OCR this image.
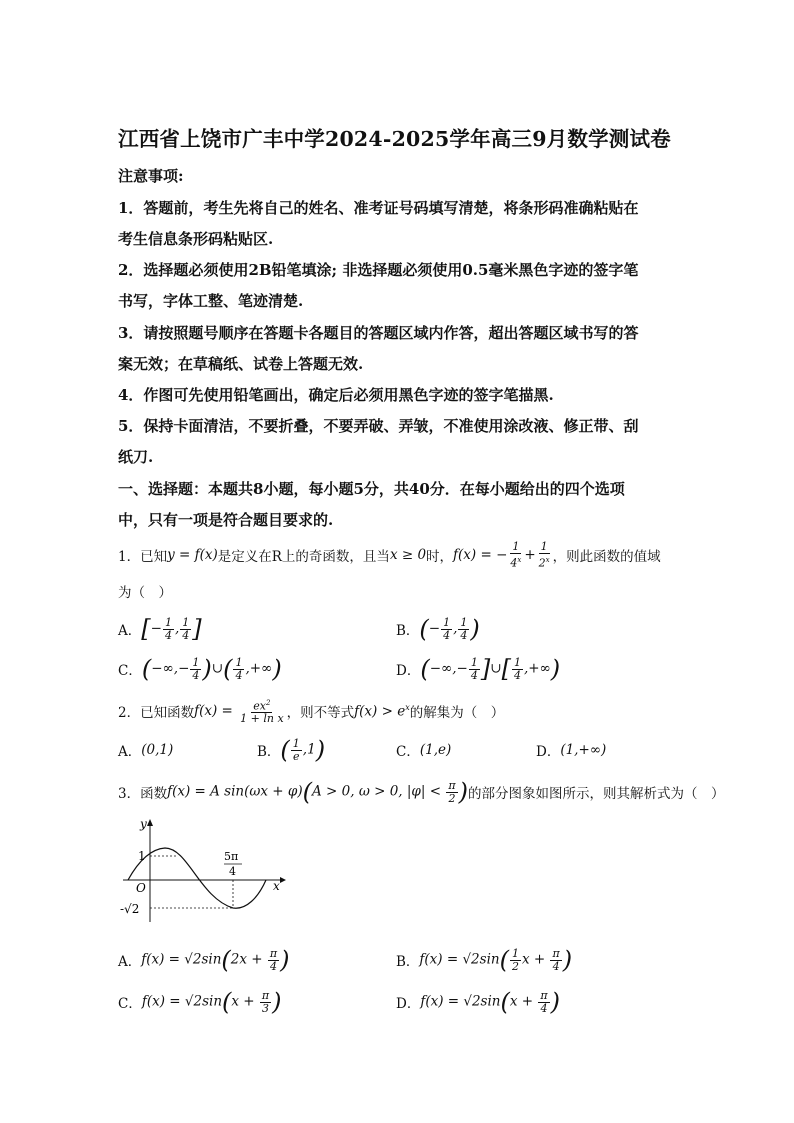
江西省上饶市广丰中学2024-2025学年高三9月数学测试卷
注意事项:
1．答题前，考生先将自己的姓名、准考证号码填写清楚，将条形码准确粘贴在
考生信息条形码粘贴区.
2．选择题必须使用2B铅笔填涂; 非选择题必须使用0.5毫米黑色字迹的签字笔
书写，字体工整、笔迹清楚.
3．请按照题号顺序在答题卡各题目的答题区域内作答，超出答题区域书写的答
案无效；在草稿纸、试卷上答题无效.
4．作图可先使用铅笔画出，确定后必须用黑色字迹的签字笔描黑.
5．保持卡面清洁，不要折叠，不要弄破、弄皱，不准使用涂改液、修正带、刮
纸刀.
一、选择题：本题共8小题，每小题5分，共40分．在每小题给出的四个选项
中，只有一项是符合题目要求的.
1．已知 y = f(x) 是定义在R上的奇函数，且当 x ≥ 0 时， f(x) = − $\frac{1}{4^x} + \frac{1}{2^x}$ ，则此函数的值域
为（　）
A． [− $\frac{1}{4}$ , $\frac{1}{4}$ ]	B． (− $\frac{1}{4}$ , $\frac{1}{4}$ )
C． (−∞,− $\frac{1}{4}$ )∪( $\frac{1}{4}$ ,+∞)	D． (−∞,− $\frac{1}{4}$ ]∪[ $\frac{1}{4}$ ,+∞)
2．已知函数 $f(x) = \frac{ex^2}{\text{1 + ln x}}$ ，则不等式 $f(x) > e^x$ 的解集为（　）
A． (0,1)	B． ( $\frac{1}{e} ,1$)	C． (1,e)	D． (1,+∞)
3．函数 f(x) = A sin(ωx + φ)(A > 0, ω > 0, $|\varphi| < \frac{\pi}{2}$ ) 的部分图象如图所示，则其解析式为（　）
y
x
O
1	5π
4
-√2
A． $f(x) = √2\sin(2x + \frac{\pi}{4}$ )	B． $f(x) = √2\sin( \frac{1}{2}$ $x + \frac{\pi}{4}$ )
C． $f(x) = √2\sin(x + \frac{\pi}{3}$ )	D． $f(x) = √2\sin(x + \frac{\pi}{4}$ )
